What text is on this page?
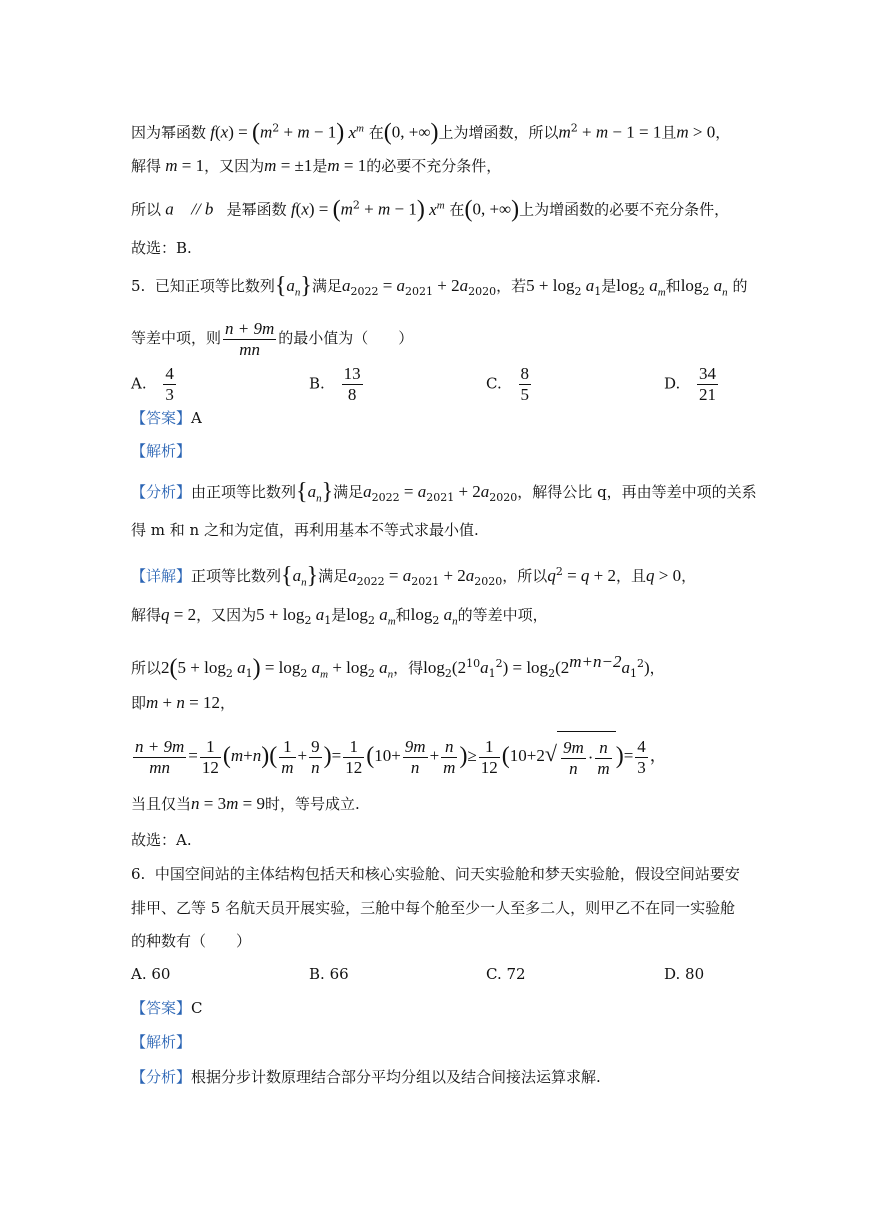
因为幂函数 $f(x) = (m^2 + m - 1)$ $x^m$ 在(0, +∞)上为增函数，所以$m^2 + m - 1 = 1$且m > 0，
解得 m = 1，又因为m = ±1是m = 1的必要不充分条件，
所以 a⃗ // b⃗是幂函数 $f(x) = (m^2 + m - 1)$ $x^m$ 在(0, +∞)上为增函数的必要不充分条件，
故选：B.
5. 已知正项等比数列$\{a_n\}$满足$a_{2022} = a_{2021} + 2a_{2020}$，若$5 + \log_2 a_1$是$\log_2 a_m$和$\log_2 a_n$ 的
等差中项，则 $\frac{n + 9m}{mn}$ 的最小值为（　　）
A. $\frac{4}{3}$	B. $\frac{13}{8}$	C. $\frac{8}{5}$	D. $\frac{34}{21}$
【答案】A
【解析】
【分析】由正项等比数列$\{a_n\}$满足$a_{2022} = a_{2021} + 2a_{2020}$，解得公比 q，再由等差中项的关系
得 m 和 n 之和为定值，再利用基本不等式求最小值.
【详解】正项等比数列$\{a_n\}$满足$a_{2022} = a_{2021} + 2a_{2020}$，所以$q^2 = q + 2$，且q > 0，
解得q = 2，又因为$5 + \log_2 a_1$是$\log_2 a_m$和$\log_2 a_n$的等差中项，
所以$2(5 + \log_2 a_1) = \log_2 a_m + \log_2 a_n$，得$\log_2(2^{10}a_1^2) = \log_2(2^{m+n-2}a_1^2)$，
即m + n = 12，
$\frac{n + 9m}{mn} = \frac{1}{12} (m+n)( \frac{1}{m} + \frac{9}{n}$ )= $\frac{1}{12} (10+ \frac{9m}{n} + \frac{n}{m}$ )≥ $\frac{1}{12} (10+2√ \frac{9m}{n} \cdot \frac{n}{m}$ )= $\frac{4}{3}$ ，
当且仅当n = 3m = 9时，等号成立.
故选：A.
6. 中国空间站的主体结构包括天和核心实验舱、问天实验舱和梦天实验舱，假设空间站要安
排甲、乙等 5 名航天员开展实验，三舱中每个舱至少一人至多二人，则甲乙不在同一实验舱
的种数有（　　）
A. 60	B. 66	C. 72	D. 80
【答案】C
【解析】
【分析】根据分步计数原理结合部分平均分组以及结合间接法运算求解.
